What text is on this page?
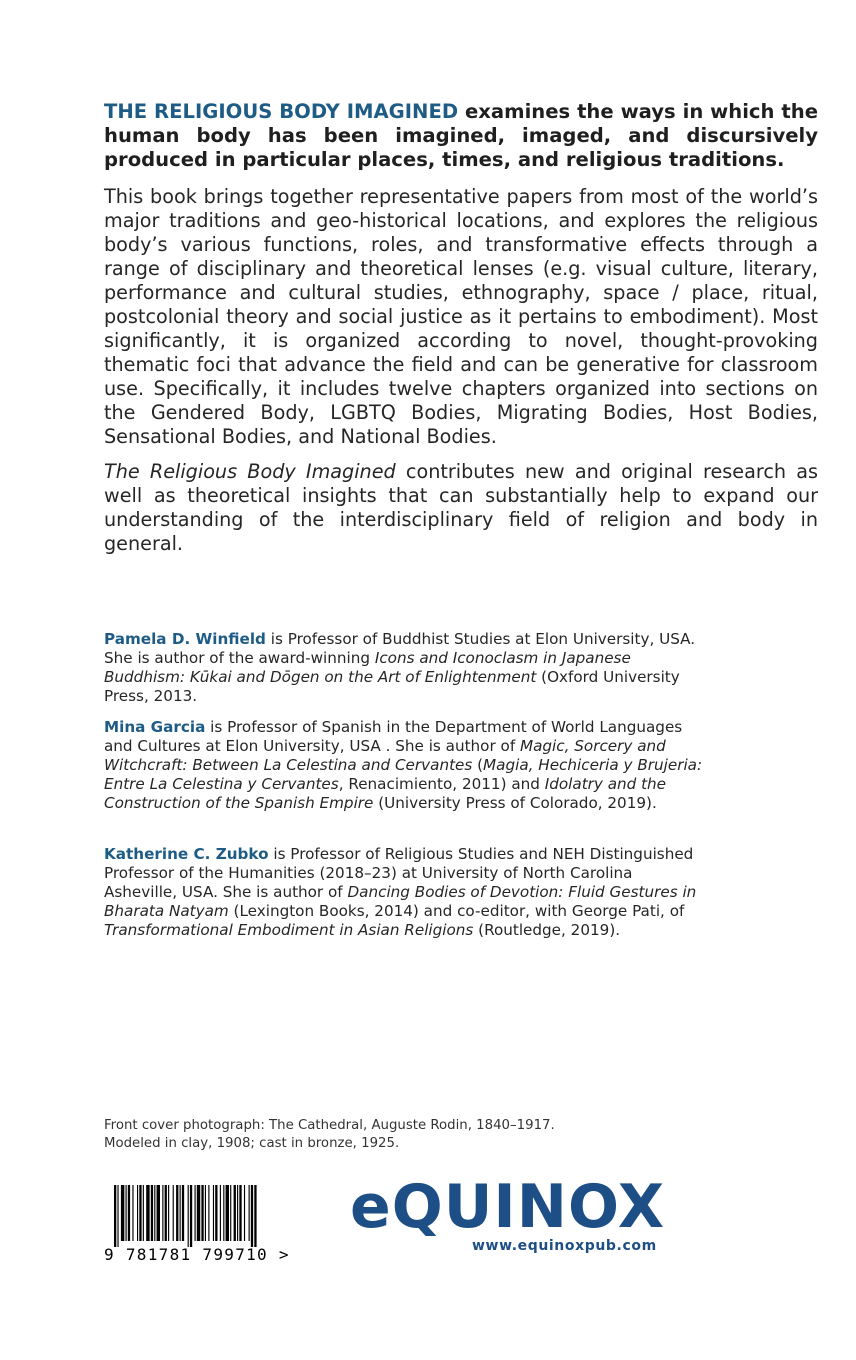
THE RELIGIOUS BODY IMAGINED examines the ways in which the human body has been imagined, imaged, and discursively produced in particular places, times, and religious traditions.

This book brings together representative papers from most of the world’s major traditions and geo-historical locations, and explores the religious body’s various functions, roles, and transformative effects through a range of disciplinary and theoretical lenses (e.g. visual culture, literary, performance and cultural studies, ethnography, space / place, ritual, postcolonial theory and social justice as it pertains to embodiment). Most significantly, it is organized according to novel, thought-provoking thematic foci that advance the field and can be generative for classroom use. Specifically, it includes twelve chapters organized into sections on the Gendered Body, LGBTQ Bodies, Migrating Bodies, Host Bodies, Sensational Bodies, and National Bodies.

The Religious Body Imagined contributes new and original research as well as theoretical insights that can substantially help to expand our understanding of the interdisciplinary field of religion and body in general.

Pamela D. Winfield is Professor of Buddhist Studies at Elon University, USA. She is author of the award-winning Icons and Iconoclasm in Japanese Buddhism: Kūkai and Dōgen on the Art of Enlightenment (Oxford University Press, 2013.

Mina Garcia is Professor of Spanish in the Department of World Languages and Cultures at Elon University, USA . She is author of Magic, Sorcery and Witchcraft: Between La Celestina and Cervantes (Magia, Hechiceria y Brujeria: Entre La Celestina y Cervantes, Renacimiento, 2011) and Idolatry and the Construction of the Spanish Empire (University Press of Colorado, 2019).

Katherine C. Zubko is Professor of Religious Studies and NEH Distinguished Professor of the Humanities (2018–23) at University of North Carolina Asheville, USA. She is author of Dancing Bodies of Devotion: Fluid Gestures in Bharata Natyam (Lexington Books, 2014) and co-editor, with George Pati, of Transformational Embodiment in Asian Religions (Routledge, 2019).

Front cover photograph: The Cathedral, Auguste Rodin, 1840–1917.
Modeled in clay, 1908; cast in bronze, 1925.

9 781781 799710 >
eQUINOX
www.equinoxpub.com
